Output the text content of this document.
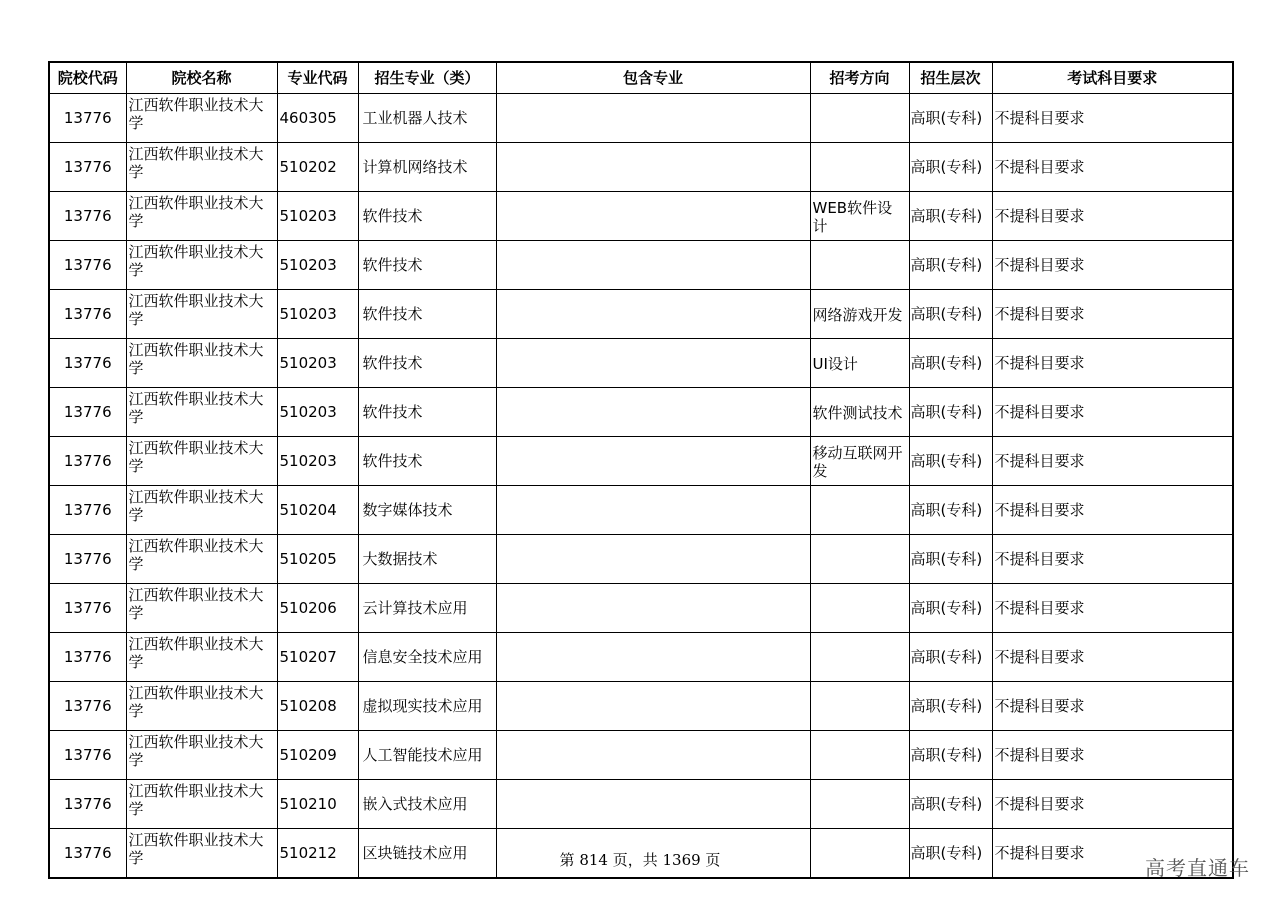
院校代码	院校名称	专业代码	招生专业（类）	包含专业	招考方向	招生层次	考试科目要求
13776	江西软件职业技术大学	460305	工业机器人技术			高职(专科)	不提科目要求
13776	江西软件职业技术大学	510202	计算机网络技术			高职(专科)	不提科目要求
13776	江西软件职业技术大学	510203	软件技术		WEB软件设计	高职(专科)	不提科目要求
13776	江西软件职业技术大学	510203	软件技术			高职(专科)	不提科目要求
13776	江西软件职业技术大学	510203	软件技术		网络游戏开发	高职(专科)	不提科目要求
13776	江西软件职业技术大学	510203	软件技术		UI设计	高职(专科)	不提科目要求
13776	江西软件职业技术大学	510203	软件技术		软件测试技术	高职(专科)	不提科目要求
13776	江西软件职业技术大学	510203	软件技术		移动互联网开发	高职(专科)	不提科目要求
13776	江西软件职业技术大学	510204	数字媒体技术			高职(专科)	不提科目要求
13776	江西软件职业技术大学	510205	大数据技术			高职(专科)	不提科目要求
13776	江西软件职业技术大学	510206	云计算技术应用			高职(专科)	不提科目要求
13776	江西软件职业技术大学	510207	信息安全技术应用			高职(专科)	不提科目要求
13776	江西软件职业技术大学	510208	虚拟现实技术应用			高职(专科)	不提科目要求
13776	江西软件职业技术大学	510209	人工智能技术应用			高职(专科)	不提科目要求
13776	江西软件职业技术大学	510210	嵌入式技术应用			高职(专科)	不提科目要求
13776	江西软件职业技术大学	510212	区块链技术应用			高职(专科)	不提科目要求
第 814 页，共 1369 页	高考直通车
